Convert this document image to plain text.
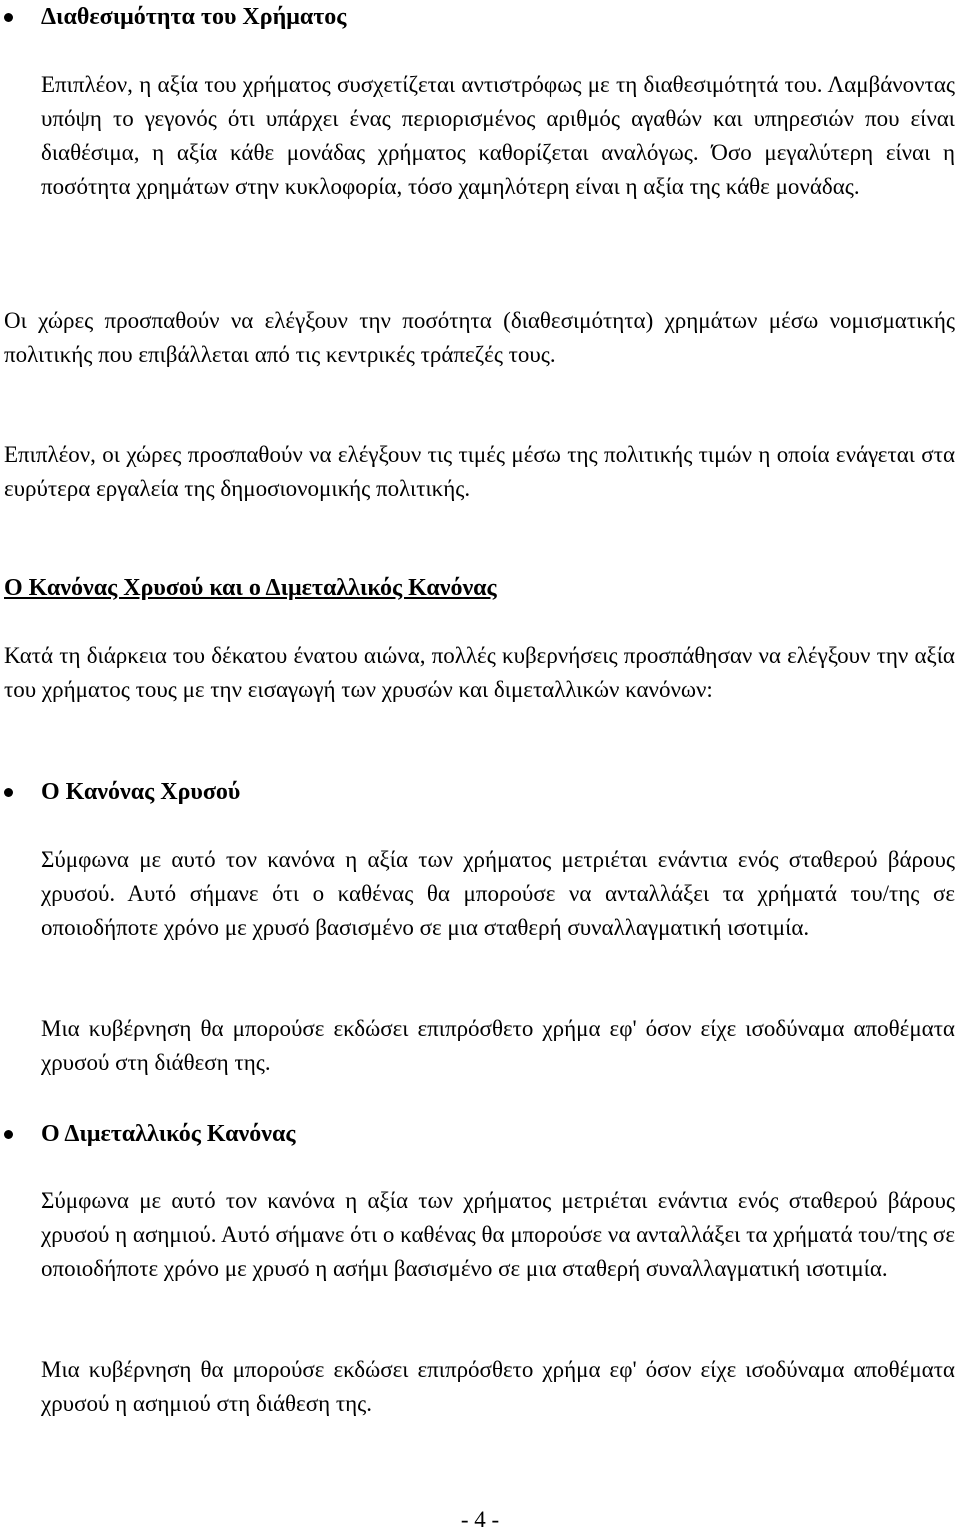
Διαθεσιμότητα του Χρήματος

Επιπλέον, η αξία του χρήματος συσχετίζεται αντιστρόφως με τη διαθεσιμότητά του. Λαμβάνοντας υπόψη το γεγονός ότι υπάρχει ένας περιορισμένος αριθμός αγαθών και υπηρεσιών που είναι διαθέσιμα, η αξία κάθε μονάδας χρήματος καθορίζεται αναλόγως. Όσο μεγαλύτερη είναι η ποσότητα χρημάτων στην κυκλοφορία, τόσο χαμηλότερη είναι η αξία της κάθε μονάδας.

Οι χώρες προσπαθούν να ελέγξουν την ποσότητα (διαθεσιμότητα) χρημάτων μέσω νομισματικής πολιτικής που επιβάλλεται από τις κεντρικές τράπεζές τους.

Επιπλέον, οι χώρες προσπαθούν να ελέγξουν τις τιμές μέσω της πολιτικής τιμών η οποία ενάγεται στα ευρύτερα εργαλεία της δημοσιονομικής πολιτικής.

Ο Κανόνας Χρυσού και ο Διμεταλλικός Κανόνας

Κατά τη διάρκεια του δέκατου ένατου αιώνα, πολλές κυβερνήσεις προσπάθησαν να ελέγξουν την αξία του χρήματος τους με την εισαγωγή των χρυσών και διμεταλλικών κανόνων:

Ο Κανόνας Χρυσού

Σύμφωνα με αυτό τον κανόνα η αξία των χρήματος μετριέται ενάντια ενός σταθερού βάρους χρυσού. Αυτό σήμανε ότι ο καθένας θα μπορούσε να ανταλλάξει τα χρήματά του/της σε οποιοδήποτε χρόνο με χρυσό βασισμένο σε μια σταθερή συναλλαγματική ισοτιμία.

Μια κυβέρνηση θα μπορούσε εκδώσει επιπρόσθετο χρήμα εφ' όσον είχε ισοδύναμα αποθέματα χρυσού στη διάθεση της.

Ο Διμεταλλικός Κανόνας

Σύμφωνα με αυτό τον κανόνα η αξία των χρήματος μετριέται ενάντια ενός σταθερού βάρους χρυσού η ασημιού. Αυτό σήμανε ότι ο καθένας θα μπορούσε να ανταλλάξει τα χρήματά του/της σε οποιοδήποτε χρόνο με χρυσό η ασήμι βασισμένο σε μια σταθερή συναλλαγματική ισοτιμία.

Μια κυβέρνηση θα μπορούσε εκδώσει επιπρόσθετο χρήμα εφ' όσον είχε ισοδύναμα αποθέματα χρυσού η ασημιού στη διάθεση της.

- 4 -
